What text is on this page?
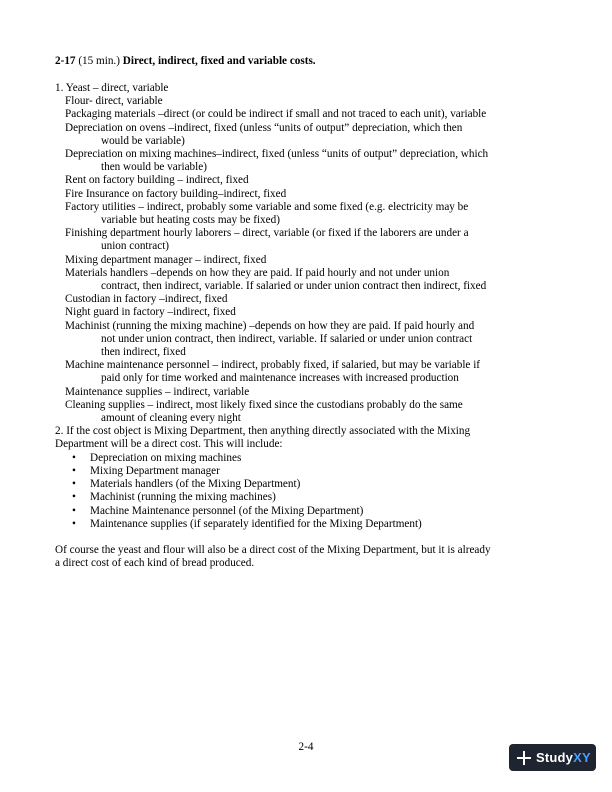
2-17 (15 min.) Direct, indirect, fixed and variable costs.
1. Yeast – direct, variable
Flour- direct, variable
Packaging materials –direct (or could be indirect if small and not traced to each unit), variable
Depreciation on ovens –indirect, fixed (unless “units of output” depreciation, which then
would be variable)
Depreciation on mixing machines–indirect, fixed (unless “units of output” depreciation, which
then would be variable)
Rent on factory building – indirect, fixed
Fire Insurance on factory building–indirect, fixed
Factory utilities – indirect, probably some variable and some fixed (e.g. electricity may be
variable but heating costs may be fixed)
Finishing department hourly laborers – direct, variable (or fixed if the laborers are under a
union contract)
Mixing department manager – indirect, fixed
Materials handlers –depends on how they are paid. If paid hourly and not under union
contract, then indirect, variable. If salaried or under union contract then indirect, fixed
Custodian in factory –indirect, fixed
Night guard in factory –indirect, fixed
Machinist (running the mixing machine) –depends on how they are paid. If paid hourly and
not under union contract, then indirect, variable. If salaried or under union contract
then indirect, fixed
Machine maintenance personnel – indirect, probably fixed, if salaried, but may be variable if
paid only for time worked and maintenance increases with increased production
Maintenance supplies – indirect, variable
Cleaning supplies – indirect, most likely fixed since the custodians probably do the same
amount of cleaning every night
2. If the cost object is Mixing Department, then anything directly associated with the Mixing
Department will be a direct cost. This will include:
• Depreciation on mixing machines
• Mixing Department manager
• Materials handlers (of the Mixing Department)
• Machinist (running the mixing machines)
• Machine Maintenance personnel (of the Mixing Department)
• Maintenance supplies (if separately identified for the Mixing Department)
Of course the yeast and flour will also be a direct cost of the Mixing Department, but it is already
a direct cost of each kind of bread produced.
2-4
StudyXY
